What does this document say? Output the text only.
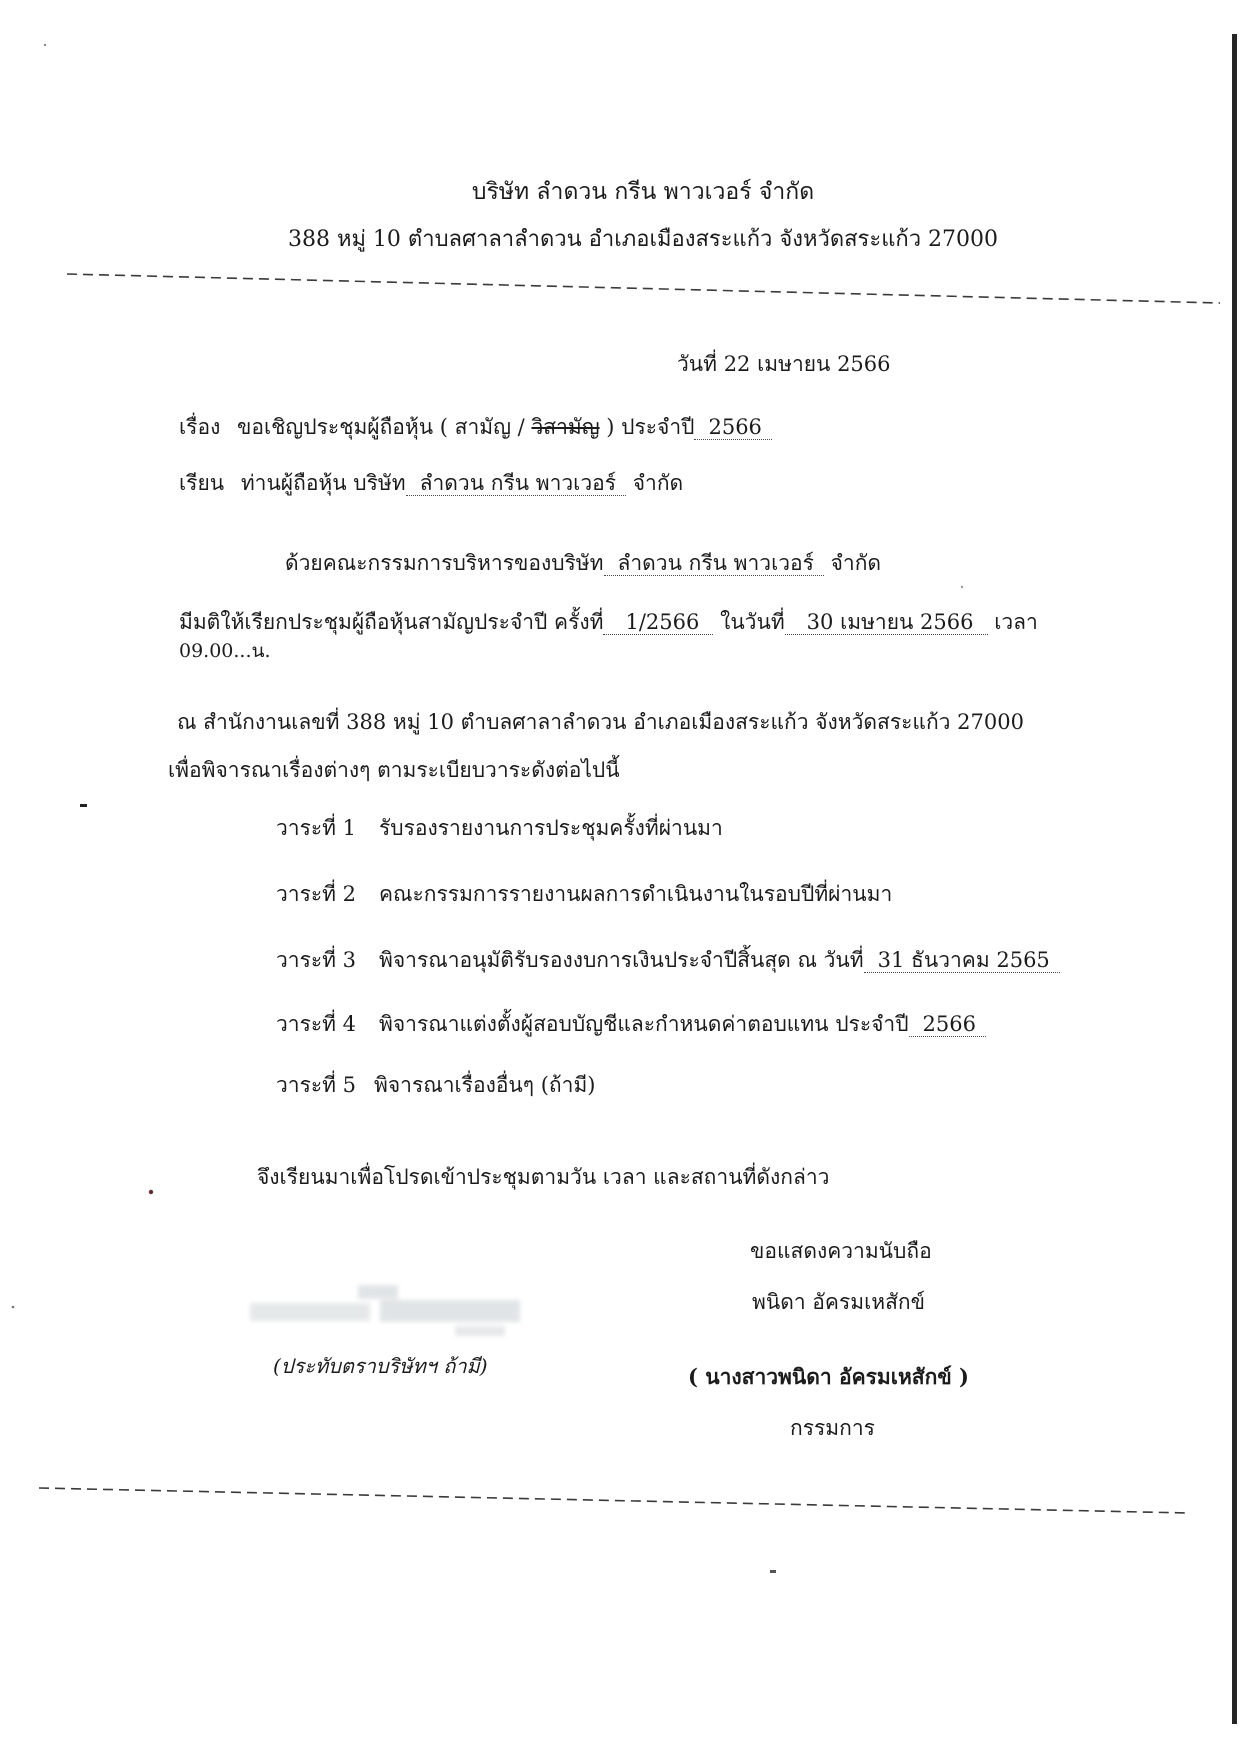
บริษัท ลำดวน กรีน พาวเวอร์ จำกัด
388 หมู่ 10 ตำบลศาลาลำดวน อำเภอเมืองสระแก้ว จังหวัดสระแก้ว 27000
วันที่ 22 เมษายน 2566
เรื่อง ขอเชิญประชุมผู้ถือหุ้น ( สามัญ / วิสามัญ ) ประจำปี 2566
เรียน ท่านผู้ถือหุ้น บริษัท ลำดวน กรีน พาวเวอร์ จำกัด
ด้วยคณะกรรมการบริหารของบริษัท ลำดวน กรีน พาวเวอร์ จำกัด
มีมติให้เรียกประชุมผู้ถือหุ้นสามัญประจำปี ครั้งที่ 1/2566 ในวันที่ 30 เมษายน 2566 เวลา
09.00...น.
ณ สำนักงานเลขที่ 388 หมู่ 10 ตำบลศาลาลำดวน อำเภอเมืองสระแก้ว จังหวัดสระแก้ว 27000
เพื่อพิจารณาเรื่องต่างๆ ตามระเบียบวาระดังต่อไปนี้
วาระที่ 1 รับรองรายงานการประชุมครั้งที่ผ่านมา
วาระที่ 2 คณะกรรมการรายงานผลการดำเนินงานในรอบปีที่ผ่านมา
วาระที่ 3 พิจารณาอนุมัติรับรองงบการเงินประจำปีสิ้นสุด ณ วันที่ 31 ธันวาคม 2565
วาระที่ 4 พิจารณาแต่งตั้งผู้สอบบัญชีและกำหนดค่าตอบแทน ประจำปี 2566
วาระที่ 5 พิจารณาเรื่องอื่นๆ (ถ้ามี)
จึงเรียนมาเพื่อโปรดเข้าประชุมตามวัน เวลา และสถานที่ดังกล่าว
ขอแสดงความนับถือ
พนิดา อัครมเหสักข์
(ประทับตราบริษัทฯ ถ้ามี)	( นางสาวพนิดา อัครมเหสักข์ )
กรรมการ
